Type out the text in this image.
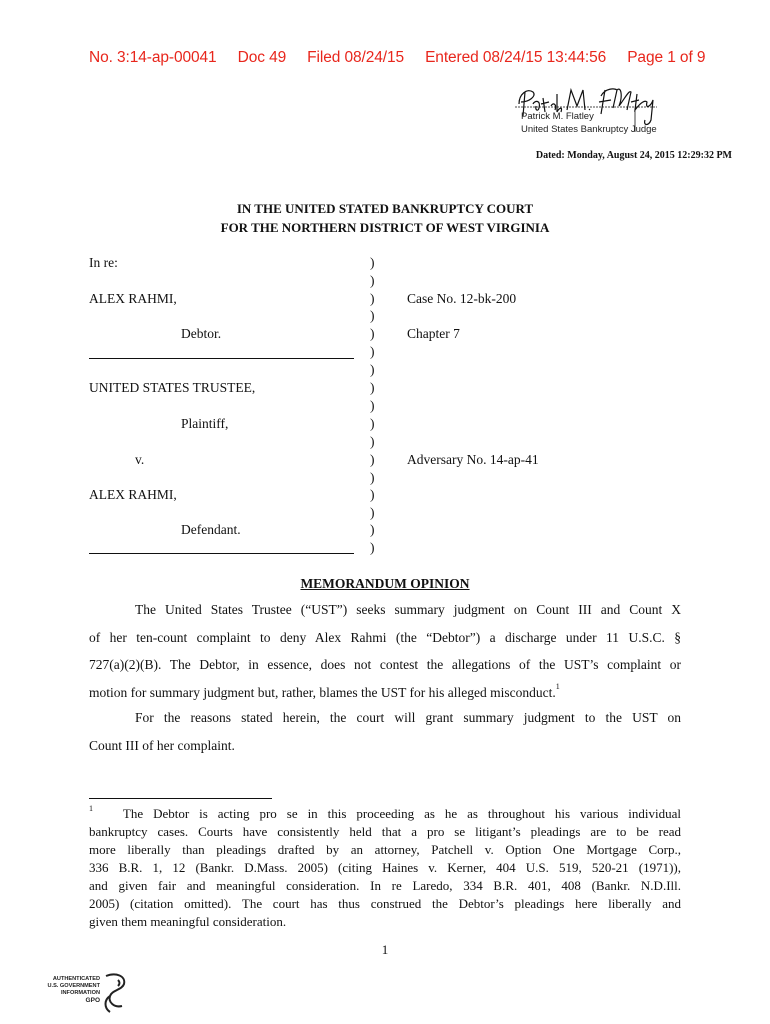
No. 3:14-ap-00041 Doc 49 Filed 08/24/15 Entered 08/24/15 13:44:56 Page 1 of 9
Patrick M. Flatley
United States Bankruptcy Judge
Dated: Monday, August 24, 2015 12:29:32 PM
IN THE UNITED STATED BANKRUPTCY COURT
FOR THE NORTHERN DISTRICT OF WEST VIRGINIA
In re:
ALEX RAHMI,
Debtor.
UNITED STATES TRUSTEE,
Plaintiff,
v.
ALEX RAHMI,
Defendant.
)
)
)
)
)
)
)
)
)
)
)
)
)
)
)
)
)
Case No. 12-bk-200
Chapter 7
Adversary No. 14-ap-41
MEMORANDUM OPINION
The United States Trustee (“UST”) seeks summary judgment on Count III and Count X
of her ten-count complaint to deny Alex Rahmi (the “Debtor”) a discharge under 11 U.S.C. §
727(a)(2)(B). The Debtor, in essence, does not contest the allegations of the UST’s complaint or
motion for summary judgment but, rather, blames the UST for his alleged misconduct.$^1$
For the reasons stated herein, the court will grant summary judgment to the UST on
Count III of her complaint.
$^1$ The Debtor is acting pro se in this proceeding as he as throughout his various individual
bankruptcy cases. Courts have consistently held that a pro se litigant’s pleadings are to be read
more liberally than pleadings drafted by an attorney, Patchell v. Option One Mortgage Corp.,
336 B.R. 1, 12 (Bankr. D.Mass. 2005) (citing Haines v. Kerner, 404 U.S. 519, 520-21 (1971)),
and given fair and meaningful consideration. In re Laredo, 334 B.R. 401, 408 (Bankr. N.D.Ill.
2005) (citation omitted). The court has thus construed the Debtor’s pleadings here liberally and
given them meaningful consideration.
1
AUTHENTICATED
U.S. GOVERNMENT
INFORMATION
GPO
